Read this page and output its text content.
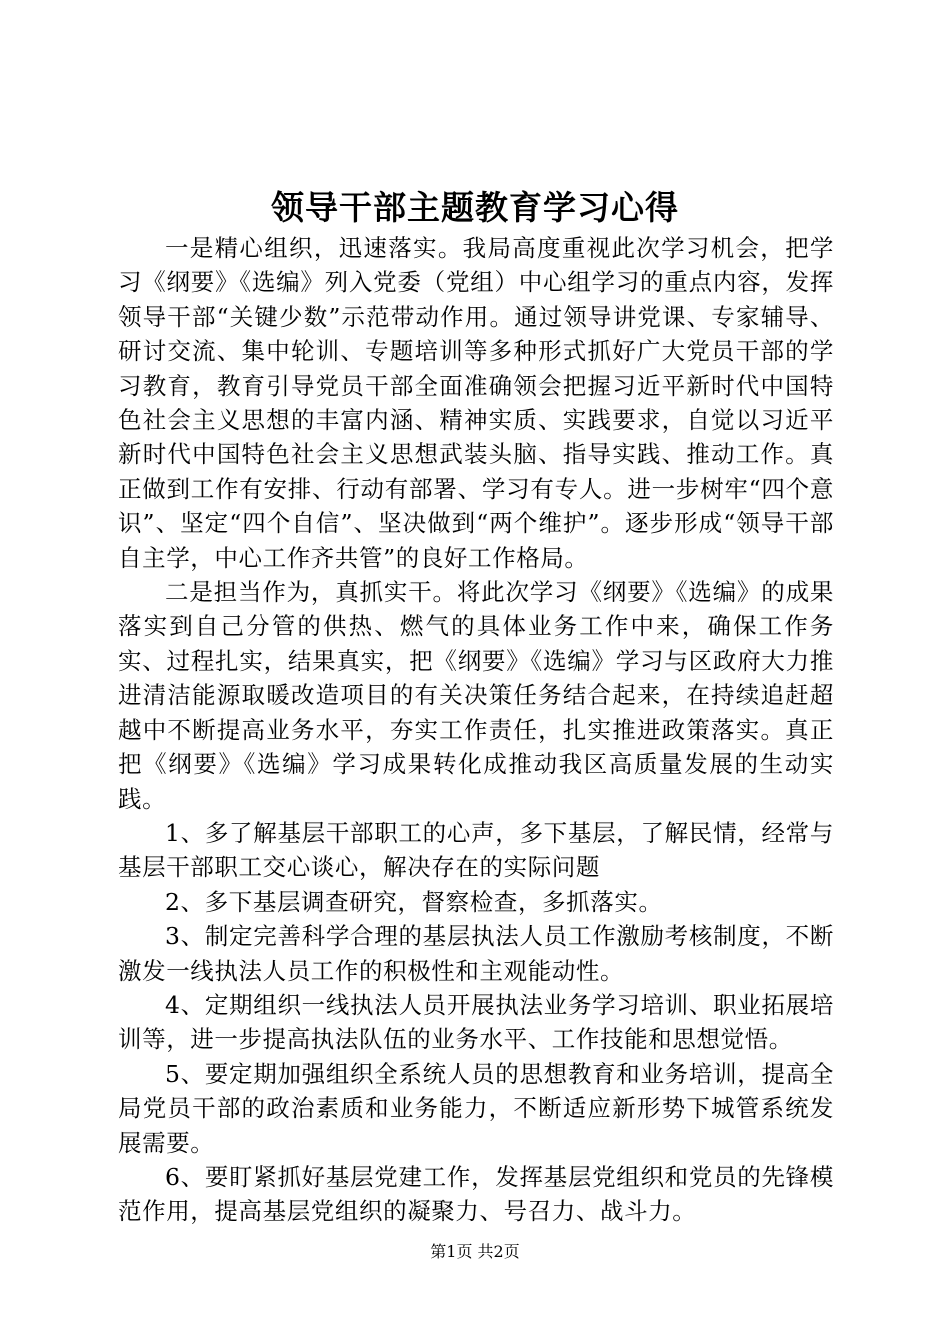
领导干部主题教育学习心得

一是精心组织，迅速落实。我局高度重视此次学习机会，把学习《纲要》《选编》列入党委（党组）中心组学习的重点内容，发挥领导干部“关键少数”示范带动作用。通过领导讲党课、专家辅导、研讨交流、集中轮训、专题培训等多种形式抓好广大党员干部的学习教育，教育引导党员干部全面准确领会把握习近平新时代中国特色社会主义思想的丰富内涵、精神实质、实践要求，自觉以习近平新时代中国特色社会主义思想武装头脑、指导实践、推动工作。真正做到工作有安排、行动有部署、学习有专人。进一步树牢“四个意识”、坚定“四个自信”、坚决做到“两个维护”。逐步形成“领导干部自主学，中心工作齐共管”的良好工作格局。

二是担当作为，真抓实干。将此次学习《纲要》《选编》的成果落实到自己分管的供热、燃气的具体业务工作中来，确保工作务实、过程扎实，结果真实，把《纲要》《选编》学习与区政府大力推进清洁能源取暖改造项目的有关决策任务结合起来，在持续追赶超越中不断提高业务水平，夯实工作责任，扎实推进政策落实。真正把《纲要》《选编》学习成果转化成推动我区高质量发展的生动实践。

1、多了解基层干部职工的心声，多下基层，了解民情，经常与基层干部职工交心谈心，解决存在的实际问题

2、多下基层调查研究，督察检查，多抓落实。

3、制定完善科学合理的基层执法人员工作激励考核制度，不断激发一线执法人员工作的积极性和主观能动性。

4、定期组织一线执法人员开展执法业务学习培训、职业拓展培训等，进一步提高执法队伍的业务水平、工作技能和思想觉悟。

5、要定期加强组织全系统人员的思想教育和业务培训，提高全局党员干部的政治素质和业务能力，不断适应新形势下城管系统发展需要。

6、要盯紧抓好基层党建工作，发挥基层党组织和党员的先锋模范作用，提高基层党组织的凝聚力、号召力、战斗力。

第1页 共2页
